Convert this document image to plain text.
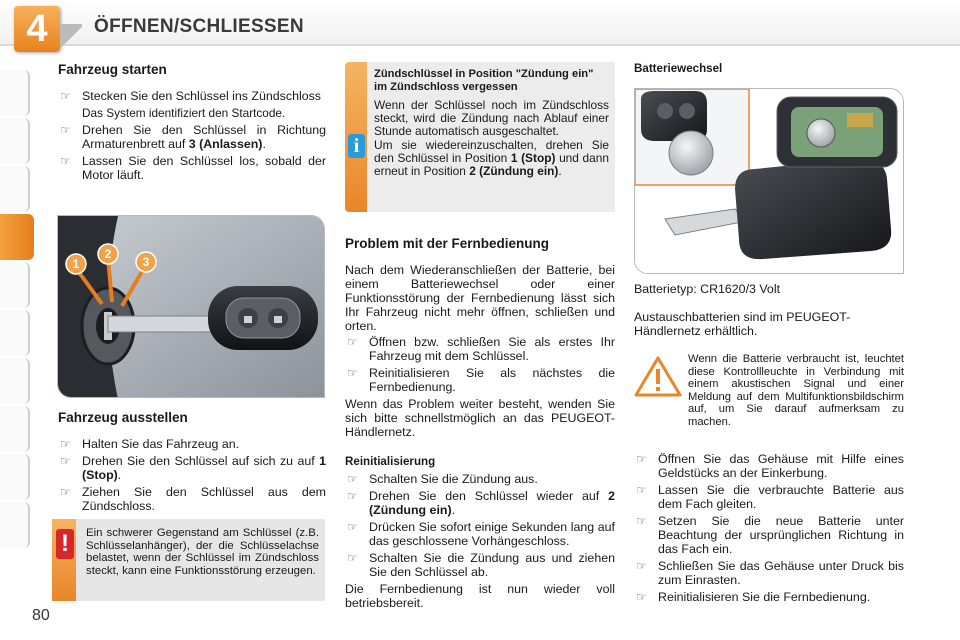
4	ÖFFNEN/SCHLIESSEN
80
Fahrzeug starten
☞ Stecken Sie den Schlüssel ins Zündschloss
Das System identifiziert den Startcode.
☞ Drehen Sie den Schlüssel in Richtung Armaturenbrett auf 3 (Anlassen).
☞ Lassen Sie den Schlüssel los, sobald der Motor läuft.
1
2
3
Fahrzeug ausstellen
☞ Halten Sie das Fahrzeug an.
☞ Drehen Sie den Schlüssel auf sich zu auf 1 (Stop).
☞ Ziehen Sie den Schlüssel aus dem Zündschloss.
!	Ein schwerer Gegenstand am Schlüssel (z.B. Schlüsselanhänger), der die Schlüsselachse belastet, wenn der Schlüssel im Zündschloss steckt, kann eine Funktionsstörung erzeugen.
i
Zündschlüssel in Position "Zündung ein" im Zündschloss vergessen
Wenn der Schlüssel noch im Zündschloss steckt, wird die Zündung nach Ablauf einer Stunde automatisch ausgeschaltet.
Um sie wiedereinzuschalten, drehen Sie den Schlüssel in Position 1 (Stop) und dann erneut in Position 2 (Zündung ein).
Problem mit der Fernbedienung

Nach dem Wiederanschließen der Batterie, bei einem Batteriewechsel oder einer Funktionsstörung der Fernbedienung lässt sich Ihr Fahrzeug nicht mehr öffnen, schließen und orten.

☞ Öffnen bzw. schließen Sie als erstes Ihr Fahrzeug mit dem Schlüssel.
☞ Reinitialisieren Sie als nächstes die Fernbedienung.

Wenn das Problem weiter besteht, wenden Sie sich bitte schnellstmöglich an das PEUGEOT-Händlernetz.

Reinitialisierung
☞ Schalten Sie die Zündung aus.
☞ Drehen Sie den Schlüssel wieder auf 2 (Zündung ein).
☞ Drücken Sie sofort einige Sekunden lang auf das geschlossene Vorhängeschloss.
☞ Schalten Sie die Zündung aus und ziehen Sie den Schlüssel ab.

Die Fernbedienung ist nun wieder voll betriebsbereit.

Batteriewechsel

Batterietyp: CR1620/3 Volt

Austauschbatterien sind im PEUGEOT-Händlernetz erhältlich.

Wenn die Batterie verbraucht ist, leuchtet diese Kontrollleuchte in Verbindung mit einem akustischen Signal und einer Meldung auf dem Multifunktionsbildschirm auf, um Sie darauf aufmerksam zu machen.
☞ Öffnen Sie das Gehäuse mit Hilfe eines Geldstücks an der Einkerbung.
☞ Lassen Sie die verbrauchte Batterie aus dem Fach gleiten.
☞ Setzen Sie die neue Batterie unter Beachtung der ursprünglichen Richtung in das Fach ein.
☞ Schließen Sie das Gehäuse unter Druck bis zum Einrasten.
☞ Reinitialisieren Sie die Fernbedienung.
